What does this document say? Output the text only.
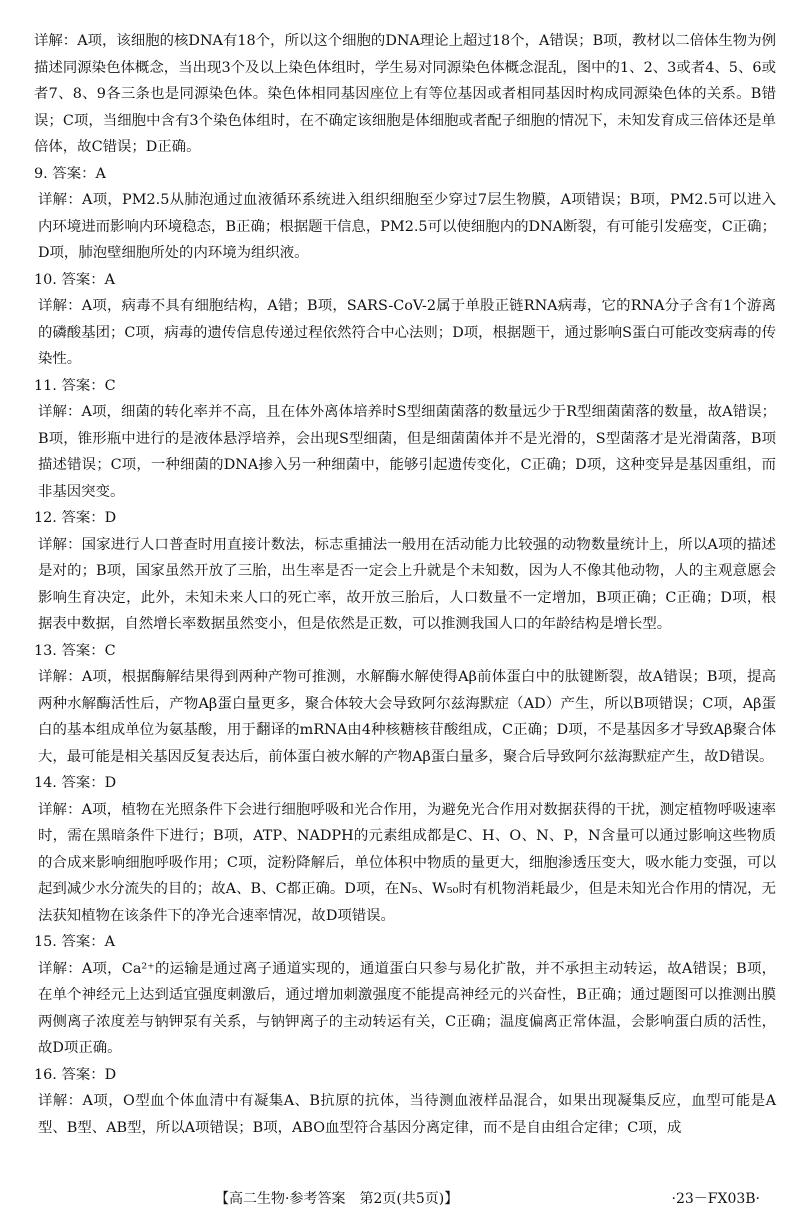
详解：A项，该细胞的核DNA有18个，所以这个细胞的DNA理论上超过18个，A错误；B项，教材以二倍体生物为例描述同源染色体概念，当出现3个及以上染色体组时，学生易对同源染色体概念混乱，图中的1、2、3或者4、5、6或者7、8、9各三条也是同源染色体。染色体相同基因座位上有等位基因或者相同基因时构成同源染色体的关系。B错误；C项，当细胞中含有3个染色体组时，在不确定该细胞是体细胞或者配子细胞的情况下，未知发育成三倍体还是单倍体，故C错误；D正确。

9. 答案：A

详解：A项，PM2.5从肺泡通过血液循环系统进入组织细胞至少穿过7层生物膜，A项错误；B项，PM2.5可以进入内环境进而影响内环境稳态，B正确；根据题干信息，PM2.5可以使细胞内的DNA断裂，有可能引发癌变，C正确；D项，肺泡壁细胞所处的内环境为组织液。

10. 答案：A

详解：A项，病毒不具有细胞结构，A错；B项，SARS-CoV-2属于单股正链RNA病毒，它的RNA分子含有1个游离的磷酸基团；C项，病毒的遗传信息传递过程依然符合中心法则；D项，根据题干，通过影响S蛋白可能改变病毒的传染性。

11. 答案：C

详解：A项，细菌的转化率并不高，且在体外离体培养时S型细菌菌落的数量远少于R型细菌菌落的数量，故A错误；B项，锥形瓶中进行的是液体悬浮培养，会出现S型细菌，但是细菌菌体并不是光滑的，S型菌落才是光滑菌落，B项描述错误；C项，一种细菌的DNA掺入另一种细菌中，能够引起遗传变化，C正确；D项，这种变异是基因重组，而非基因突变。

12. 答案：D

详解：国家进行人口普查时用直接计数法，标志重捕法一般用在活动能力比较强的动物数量统计上，所以A项的描述是对的；B项，国家虽然开放了三胎，出生率是否一定会上升就是个未知数，因为人不像其他动物，人的主观意愿会影响生育决定，此外，未知未来人口的死亡率，故开放三胎后，人口数量不一定增加，B项正确；C正确；D项，根据表中数据，自然增长率数据虽然变小，但是依然是正数，可以推测我国人口的年龄结构是增长型。

13. 答案：C

详解：A项，根据酶解结果得到两种产物可推测，水解酶水解使得Aβ前体蛋白中的肽键断裂，故A错误；B项，提高两种水解酶活性后，产物Aβ蛋白量更多，聚合体较大会导致阿尔兹海默症（AD）产生，所以B项错误；C项，Aβ蛋白的基本组成单位为氨基酸，用于翻译的mRNA由4种核糖核苷酸组成，C正确；D项，不是基因多才导致Aβ聚合体大，最可能是相关基因反复表达后，前体蛋白被水解的产物Aβ蛋白量多，聚合后导致阿尔兹海默症产生，故D错误。

14. 答案：D

详解：A项，植物在光照条件下会进行细胞呼吸和光合作用，为避免光合作用对数据获得的干扰，测定植物呼吸速率时，需在黑暗条件下进行；B项，ATP、NADPH的元素组成都是C、H、O、N、P，N含量可以通过影响这些物质的合成来影响细胞呼吸作用；C项，淀粉降解后，单位体积中物质的量更大，细胞渗透压变大，吸水能力变强，可以起到减少水分流失的目的；故A、B、C都正确。D项，在N₅、W₅₀时有机物消耗最少，但是未知光合作用的情况，无法获知植物在该条件下的净光合速率情况，故D项错误。

15. 答案：A

详解：A项，Ca²⁺的运输是通过离子通道实现的，通道蛋白只参与易化扩散，并不承担主动转运，故A错误；B项，在单个神经元上达到适宜强度刺激后，通过增加刺激强度不能提高神经元的兴奋性，B正确；通过题图可以推测出膜两侧离子浓度差与钠钾泵有关系，与钠钾离子的主动转运有关，C正确；温度偏离正常体温，会影响蛋白质的活性，故D项正确。

16. 答案：D

详解：A项，O型血个体血清中有凝集A、B抗原的抗体，当待测血液样品混合，如果出现凝集反应，血型可能是A型、B型、AB型，所以A项错误；B项，ABO血型符合基因分离定律，而不是自由组合定律；C项，成

【高二生物·参考答案　第2页(共5页)】	·23－FX03B·
